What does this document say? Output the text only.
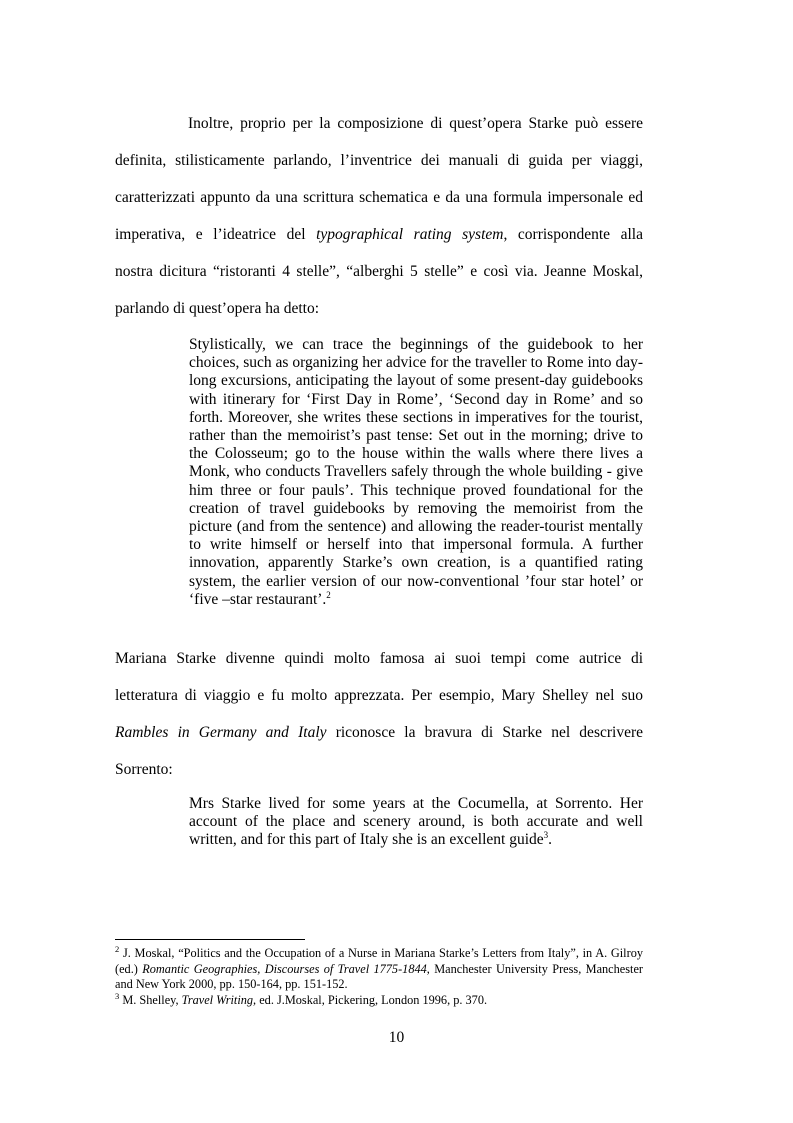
Inoltre, proprio per la composizione di quest’opera Starke può essere
definita, stilisticamente parlando, l’inventrice dei manuali di guida per viaggi,
caratterizzati appunto da una scrittura schematica e da una formula impersonale ed
imperativa, e l’ideatrice del typographical rating system, corrispondente alla
nostra dicitura “ristoranti 4 stelle”, “alberghi 5 stelle” e così via. Jeanne Moskal,
parlando di quest’opera ha detto:

Stylistically, we can trace the beginnings of the guidebook to her choices, such as organizing her advice for the traveller to Rome into day-long excursions, anticipating the layout of some present-day guidebooks with itinerary for ‘First Day in Rome’, ‘Second day in Rome’ and so forth. Moreover, she writes these sections in imperatives for the tourist, rather than the memoirist’s past tense: Set out in the morning; drive to the Colosseum; go to the house within the walls where there lives a Monk, who conducts Travellers safely through the whole building - give him three or four pauls’. This technique proved foundational for the creation of travel guidebooks by removing the memoirist from the picture (and from the sentence) and allowing the reader-tourist mentally to write himself or herself into that impersonal formula. A further innovation, apparently Starke’s own creation, is a quantified rating system, the earlier version of our now-conventional ’four star hotel’ or ‘five –star restaurant’.$^2$

Mariana Starke divenne quindi molto famosa ai suoi tempi come autrice di
letteratura di viaggio e fu molto apprezzata. Per esempio, Mary Shelley nel suo
Rambles in Germany and Italy riconosce la bravura di Starke nel descrivere
Sorrento:

Mrs Starke lived for some years at the Cocumella, at Sorrento. Her account of the place and scenery around, is both accurate and well written, and for this part of Italy she is an excellent guide$^3$.

$^2$ J. Moskal, “Politics and the Occupation of a Nurse in Mariana Starke’s Letters from Italy”, in A. Gilroy (ed.) Romantic Geographies, Discourses of Travel 1775-1844, Manchester University Press, Manchester and New York 2000, pp. 150-164, pp. 151-152.

$^3$ M. Shelley, Travel Writing, ed. J.Moskal, Pickering, London 1996, p. 370.

10
